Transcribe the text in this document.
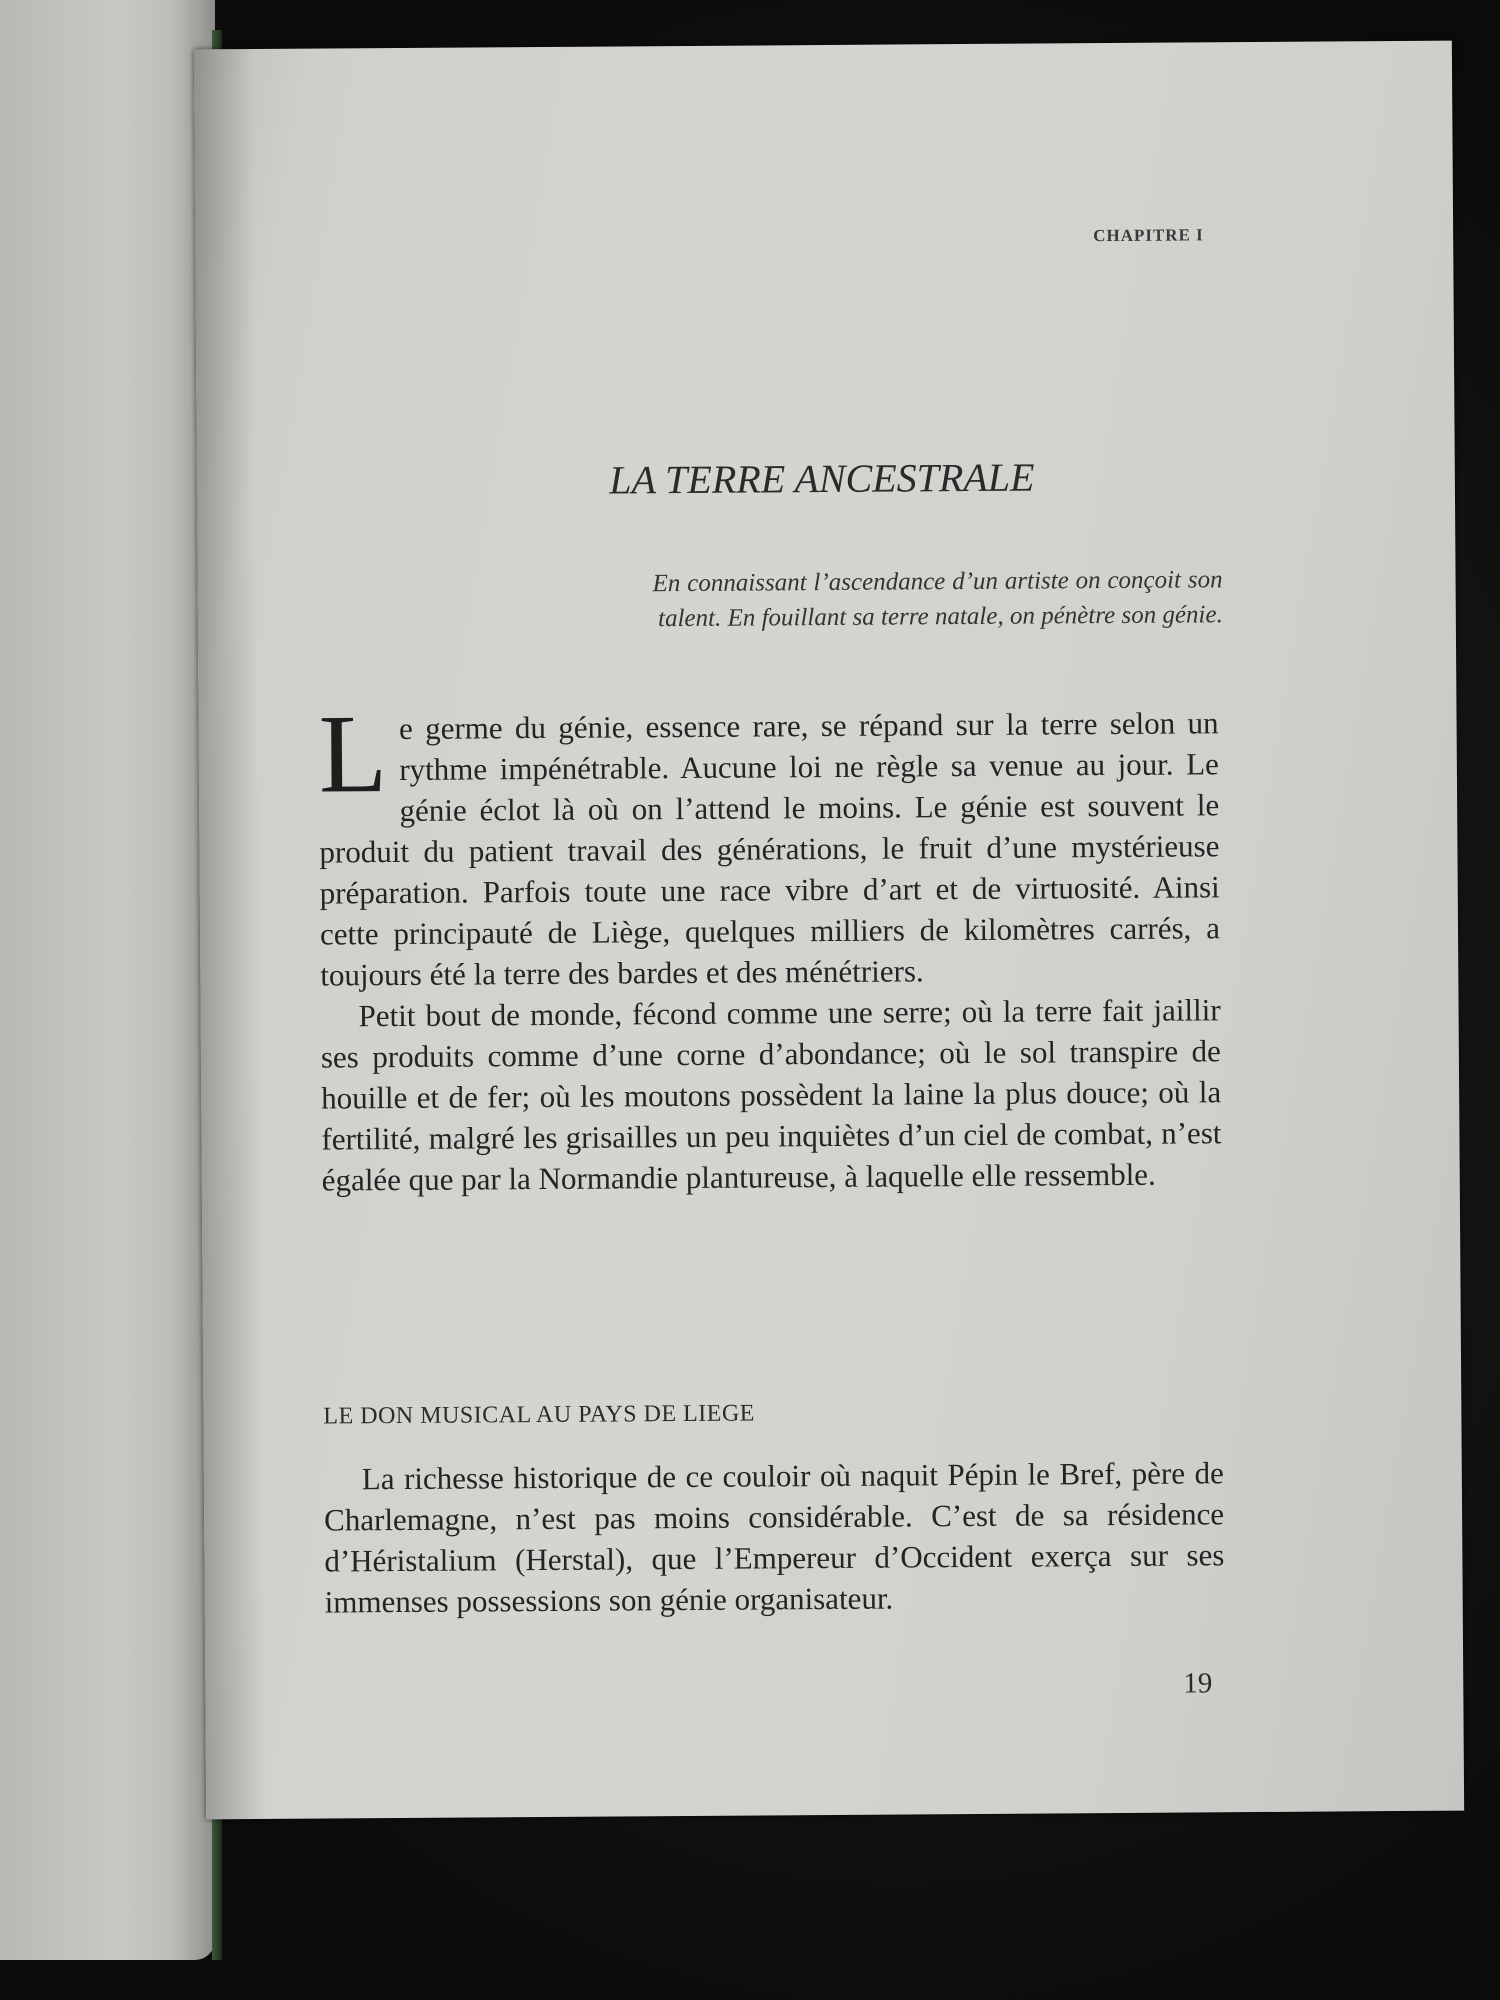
CHAPITRE I
LA TERRE ANCESTRALE
En connaissant l’ascendance d’un artiste on conçoit son talent. En fouillant sa terre natale, on pénètre son génie.

Le germe du génie, essence rare, se répand sur la terre selon un rythme impénétrable. Aucune loi ne règle sa venue au jour. Le génie éclot là où on l’attend le moins. Le génie est souvent le produit du patient travail des générations, le fruit d’une mystérieuse préparation. Parfois toute une race vibre d’art et de virtuosité. Ainsi cette principauté de Liège, quelques milliers de kilomètres carrés, a toujours été la terre des bardes et des ménétriers.

Petit bout de monde, fécond comme une serre; où la terre fait jaillir ses produits comme d’une corne d’abondance; où le sol transpire de houille et de fer; où les moutons possèdent la laine la plus douce; où la fertilité, malgré les grisailles un peu inquiètes d’un ciel de combat, n’est égalée que par la Normandie plantureuse, à laquelle elle ressemble.

LE DON MUSICAL AU PAYS DE LIEGE

La richesse historique de ce couloir où naquit Pépin le Bref, père de Charlemagne, n’est pas moins considérable. C’est de sa résidence d’Héristalium (Herstal), que l’Empereur d’Occident exerça sur ses immenses possessions son génie organisateur.

19
